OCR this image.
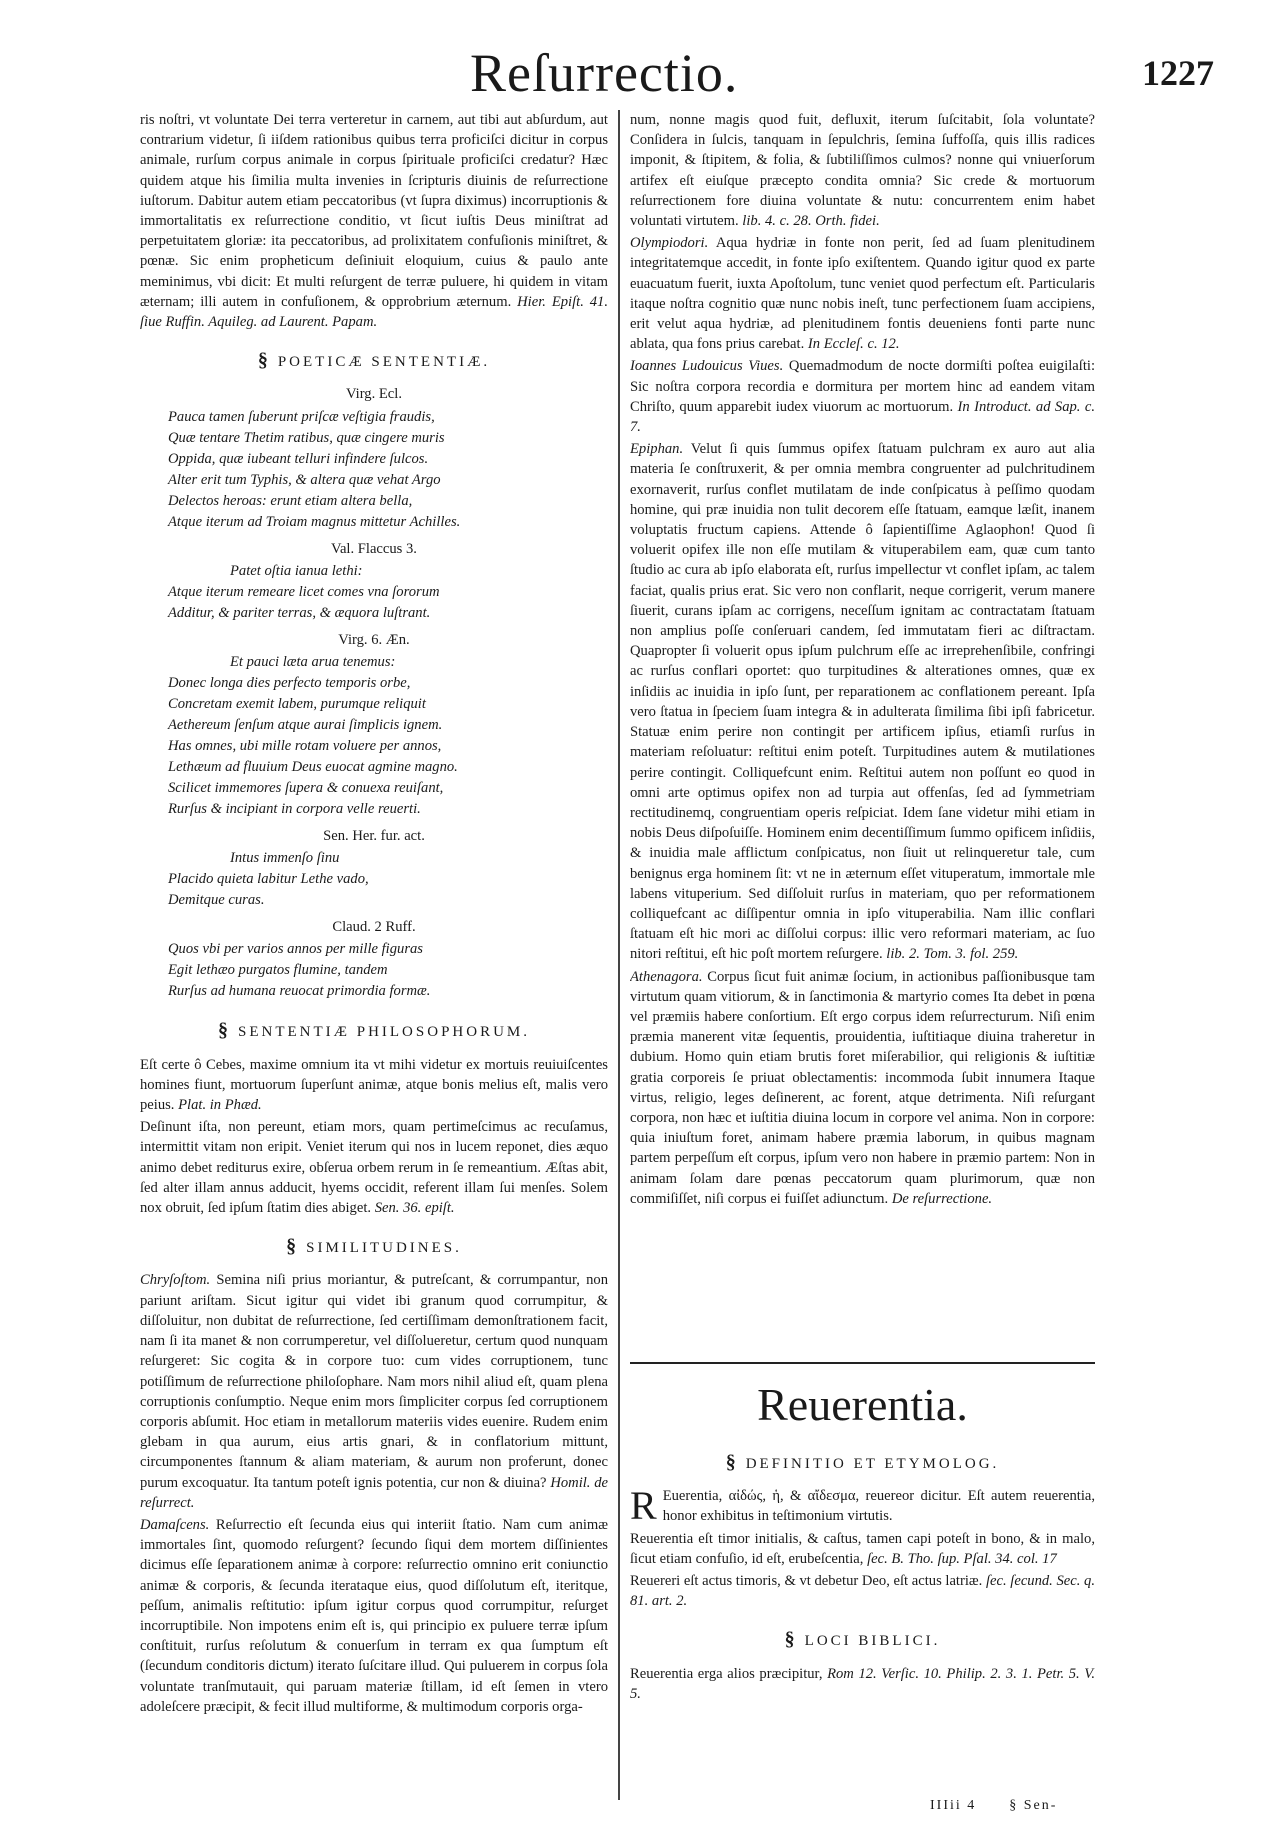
Reſurrectio.	1227

ris noſtri, vt voluntate Dei terra verteretur in carnem, aut tibi aut abſurdum, aut contrarium videtur, ſi iiſdem rationibus quibus terra proficiſci dicitur in corpus animale, rurſum corpus animale in corpus ſpirituale proficiſci credatur? Hæc quidem atque his ſimilia multa invenies in ſcripturis diuinis de reſurrectione iuſtorum. Dabitur autem etiam peccatoribus (vt ſupra diximus) incorruptionis & immortalitatis ex reſurrectione conditio, vt ſicut iuſtis Deus miniſtrat ad perpetuitatem gloriæ: ita peccatoribus, ad prolixitatem confuſionis miniſtret, & pœnæ. Sic enim propheticum deſiniuit eloquium, cuius & paulo ante meminimus, vbi dicit: Et multi reſurgent de terræ puluere, hi quidem in vitam æternam; illi autem in confuſionem, & opprobrium æternum. Hier. Epiſt. 41. ſiue Ruffin. Aquileg. ad Laurent. Papam.

§ POETICÆ SENTENTIÆ.
Virg. Ecl.
Pauca tamen ſuberunt priſcæ veſtigia fraudis,
Quæ tentare Thetim ratibus, quæ cingere muris
Oppida, quæ iubeant telluri infindere ſulcos.
Alter erit tum Typhis, & altera quæ vehat Argo
Delectos heroas: erunt etiam altera bella,
Atque iterum ad Troiam magnus mittetur Achilles.
Val. Flaccus 3.
Patet oſtia ianua lethi:
Atque iterum remeare licet comes vna ſororum
Additur, & pariter terras, & æquora luſtrant.
Virg. 6. Æn.
Et pauci læta arua tenemus:
Donec longa dies perfecto temporis orbe,
Concretam exemit labem, purumque reliquit
Aethereum ſenſum atque aurai ſimplicis ignem.
Has omnes, ubi mille rotam voluere per annos,
Lethæum ad fluuium Deus euocat agmine magno.
Scilicet immemores ſupera & conuexa reuiſant,
Rurſus & incipiant in corpora velle reuerti.
Sen. Her. fur. act.
Intus immenſo ſinu
Placido quieta labitur Lethe vado,
Demitque curas.
Claud. 2 Ruff.
Quos vbi per varios annos per mille figuras
Egit lethæo purgatos flumine, tandem
Rurſus ad humana reuocat primordia formæ.
§ SENTENTIÆ PHILOSOPHORUM.

Eſt certe ô Cebes, maxime omnium ita vt mihi videtur ex mortuis reuiuiſcentes homines fiunt, mortuorum ſuperſunt animæ, atque bonis melius eſt, malis vero peius. Plat. in Phæd.

Deſinunt iſta, non pereunt, etiam mors, quam pertimeſcimus ac recuſamus, intermittit vitam non eripit. Veniet iterum qui nos in lucem reponet, dies æquo animo debet rediturus exire, obſerua orbem rerum in ſe remeantium. Æſtas abit, ſed alter illam annus adducit, hyems occidit, referent illam ſui menſes. Solem nox obruit, ſed ipſum ſtatim dies abiget. Sen. 36. epiſt.

§ SIMILITUDINES.

Chryſoſtom. Semina niſi prius moriantur, & putreſcant, & corrumpantur, non pariunt ariſtam. Sicut igitur qui videt ibi granum quod corrumpitur, & diſſoluitur, non dubitat de reſurrectione, ſed certiſſimam demonſtrationem facit, nam ſi ita manet & non corrumperetur, vel diſſolueretur, certum quod nunquam reſurgeret: Sic cogita & in corpore tuo: cum vides corruptionem, tunc potiſſimum de reſurrectione philoſophare. Nam mors nihil aliud eſt, quam plena corruptionis conſumptio. Neque enim mors ſimpliciter corpus ſed corruptionem corporis abſumit. Hoc etiam in metallorum materiis vides euenire. Rudem enim glebam in qua aurum, eius artis gnari, & in conflatorium mittunt, circumponentes ſtannum & aliam materiam, & aurum non proferunt, donec purum excoquatur. Ita tantum poteſt ignis potentia, cur non & diuina? Homil. de reſurrect.

Damaſcens. Reſurrectio eſt ſecunda eius qui interiit ſtatio. Nam cum animæ immortales ſint, quomodo reſurgent? ſecundo ſiqui dem mortem diſſinientes dicimus eſſe ſeparationem animæ à corpore: reſurrectio omnino erit coniunctio animæ & corporis, & ſecunda iterataque eius, quod diſſolutum eſt, iteritque, peſſum, animalis reſtitutio: ipſum igitur corpus quod corrumpitur, reſurget incorruptibile. Non impotens enim eſt is, qui principio ex puluere terræ ipſum conſtituit, rurſus reſolutum & conuerſum in terram ex qua ſumptum eſt (ſecundum conditoris dictum) iterato ſuſcitare illud. Qui puluerem in corpus ſola voluntate tranſmutauit, qui paruam materiæ ſtillam, id eſt ſemen in vtero adoleſcere præcipit, & fecit illud multiforme, & multimodum corporis orga-

num, nonne magis quod fuit, defluxit, iterum ſuſcitabit, ſola voluntate? Conſidera in ſulcis, tanquam in ſepulchris, ſemina ſuffoſſa, quis illis radices imponit, & ſtipitem, & folia, & ſubtiliſſimos culmos? nonne qui vniuerſorum artifex eſt eiuſque præcepto condita omnia? Sic crede & mortuorum reſurrectionem fore diuina voluntate & nutu: concurrentem enim habet voluntati virtutem. lib. 4. c. 28. Orth. fidei.

Olympiodori. Aqua hydriæ in fonte non perit, ſed ad ſuam plenitudinem integritatemque accedit, in fonte ipſo exiſtentem. Quando igitur quod ex parte euacuatum fuerit, iuxta Apoſtolum, tunc veniet quod perfectum eſt. Particularis itaque noſtra cognitio quæ nunc nobis ineſt, tunc perfectionem ſuam accipiens, erit velut aqua hydriæ, ad plenitudinem fontis deueniens fonti parte nunc ablata, qua fons prius carebat. In Eccleſ. c. 12.

Ioannes Ludouicus Viues. Quemadmodum de nocte dormiſti poſtea euigilaſti: Sic noſtra corpora recordia e dormitura per mortem hinc ad eandem vitam Chriſto, quum apparebit iudex viuorum ac mortuorum. In Introduct. ad Sap. c. 7.

Epiphan. Velut ſi quis ſummus opifex ſtatuam pulchram ex auro aut alia materia ſe conſtruxerit, & per omnia membra congruenter ad pulchritudinem exornaverit, rurſus conflet mutilatam de inde conſpicatus à peſſimo quodam homine, qui præ inuidia non tulit decorem eſſe ſtatuam, eamque læſit, inanem voluptatis fructum capiens. Attende ô ſapientiſſime Aglaophon! Quod ſi voluerit opifex ille non eſſe mutilam & vituperabilem eam, quæ cum tanto ſtudio ac cura ab ipſo elaborata eſt, rurſus impellectur vt conflet ipſam, ac talem faciat, qualis prius erat. Sic vero non conflarit, neque corrigerit, verum manere ſiuerit, curans ipſam ac corrigens, neceſſum ignitam ac contractatam ſtatuam non amplius poſſe conſeruari candem, ſed immutatam fieri ac diſtractam. Quapropter ſi voluerit opus ipſum pulchrum eſſe ac irreprehenſibile, confringi ac rurſus conflari oportet: quo turpitudines & alterationes omnes, quæ ex inſidiis ac inuidia in ipſo ſunt, per reparationem ac conflationem pereant. Ipſa vero ſtatua in ſpeciem ſuam integra & in adulterata ſimilima ſibi ipſi fabricetur. Statuæ enim perire non contingit per artificem ipſius, etiamſi rurſus in materiam reſoluatur: reſtitui enim poteſt. Turpitudines autem & mutilationes perire contingit. Colliquefcunt enim. Reſtitui autem non poſſunt eo quod in omni arte optimus opifex non ad turpia aut offenſas, ſed ad ſymmetriam rectitudinemq, congruentiam operis reſpiciat. Idem ſane videtur mihi etiam in nobis Deus diſpoſuiſſe. Hominem enim decentiſſimum ſummo opificem inſidiis, & inuidia male afflictum conſpicatus, non ſiuit ut relinqueretur tale, cum benignus erga hominem ſit: vt ne in æternum eſſet vituperatum, immortale mle labens vituperium. Sed diſſoluit rurſus in materiam, quo per reformationem colliquefcant ac diſſipentur omnia in ipſo vituperabilia. Nam illic conflari ſtatuam eſt hic mori ac diſſolui corpus: illic vero reformari materiam, ac ſuo nitori reſtitui, eſt hic poſt mortem reſurgere. lib. 2. Tom. 3. fol. 259.

Athenagora. Corpus ſicut fuit animæ ſocium, in actionibus paſſionibusque tam virtutum quam vitiorum, & in ſanctimonia & martyrio comes Ita debet in pœna vel præmiis habere conſortium. Eſt ergo corpus idem reſurrecturum. Niſi enim præmia manerent vitæ ſequentis, prouidentia, iuſtitiaque diuina traheretur in dubium. Homo quin etiam brutis foret miſerabilior, qui religionis & iuſtitiæ gratia corporeis ſe priuat oblectamentis: incommoda ſubit innumera Itaque virtus, religio, leges deſinerent, ac forent, atque detrimenta. Niſi reſurgant corpora, non hæc et iuſtitia diuina locum in corpore vel anima. Non in corpore: quia iniuſtum foret, animam habere præmia laborum, in quibus magnam partem perpeſſum eſt corpus, ipſum vero non habere in præmio partem: Non in animam ſolam dare pœnas peccatorum quam plurimorum, quæ non commiſiſſet, niſi corpus ei fuiſſet adiunctum. De reſurrectione.

Reuerentia.
§ DEFINITIO ET ETYMOLOG.

R Euerentia, αἰδώς, ἡ, & αἴδεσμα, reuereor dicitur. Eſt autem reuerentia, honor exhibitus in teſtimonium virtutis.

Reuerentia eſt timor initialis, & caſtus, tamen capi poteſt in bono, & in malo, ſicut etiam confuſio, id eſt, erubeſcentia, ſec. B. Tho. ſup. Pſal. 34. col. 17

Reuereri eſt actus timoris, & vt debetur Deo, eſt actus latriæ. ſec. ſecund. Sec. q. 81. art. 2.

§ LOCI BIBLICI.

Reuerentia erga alios præcipitur, Rom 12. Verſic. 10. Philip. 2. 3. 1. Petr. 5. V. 5.

IIIii 4 § Sen-
